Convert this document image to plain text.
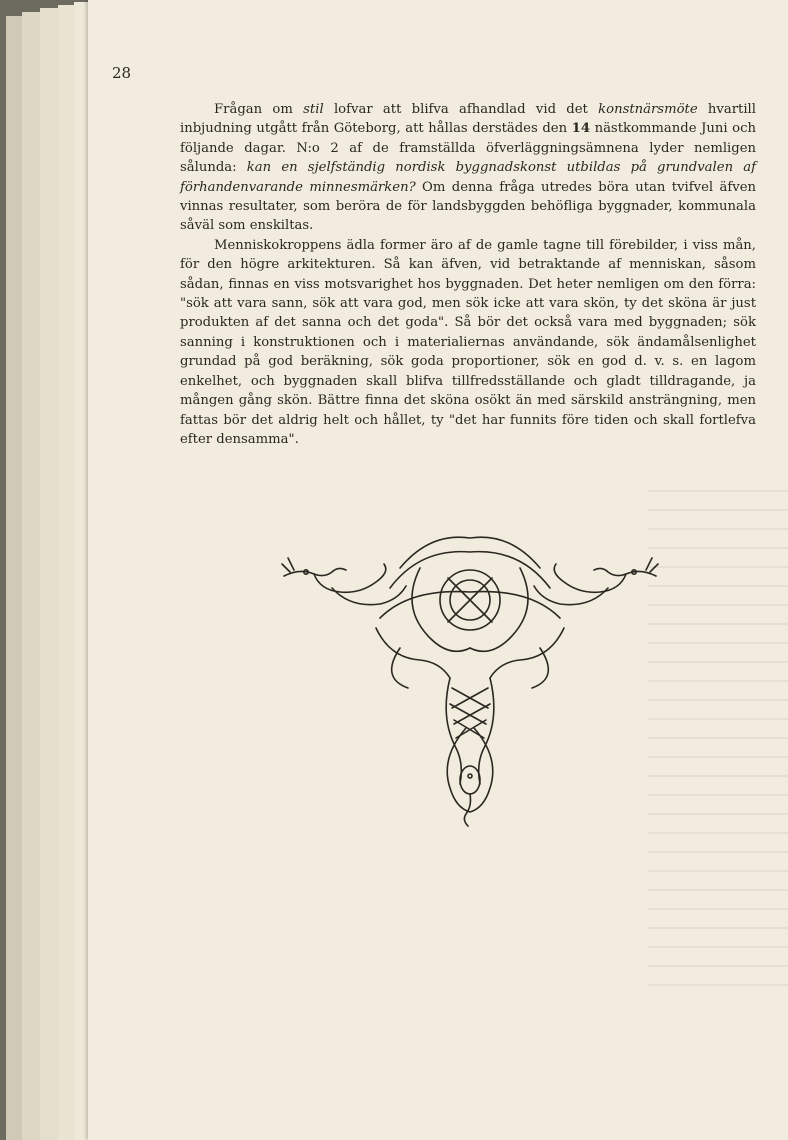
28

Frågan om stil lofvar att blifva afhandlad vid det konstnärsmöte hvartill inbjudning utgått från Göteborg, att hållas derstädes den 14 nästkommande Juni och följande dagar. N:o 2 af de framställda öfverläggningsämnena lyder nemligen sålunda: kan en sjelfständig nordisk byggnadskonst utbildas på grundvalen af förhandenvarande minnesmärken? Om denna fråga utredes böra utan tvifvel äfven vinnas resultater, som beröra de för landsbyggden behöfliga byggnader, kommunala såväl som enskiltas.

Menniskokroppens ädla former äro af de gamle tagne till förebilder, i viss mån, för den högre arkitekturen. Så kan äfven, vid betraktande af menniskan, såsom sådan, finnas en viss motsvarighet hos byggnaden. Det heter nemligen om den förra: "sök att vara sann, sök att vara god, men sök icke att vara skön, ty det sköna är just produkten af det sanna och det goda". Så bör det också vara med byggnaden; sök sanning i konstruktionen och i materialiernas användande, sök ändamålsenlighet grundad på god beräkning, sök goda proportioner, sök en god d. v. s. en lagom enkelhet, och byggnaden skall blifva tillfredsställande och gladt tilldragande, ja mången gång skön. Bättre finna det sköna osökt än med särskild ansträngning, men fattas bör det aldrig helt och hållet, ty "det har funnits före tiden och skall fortlefva efter densamma".
